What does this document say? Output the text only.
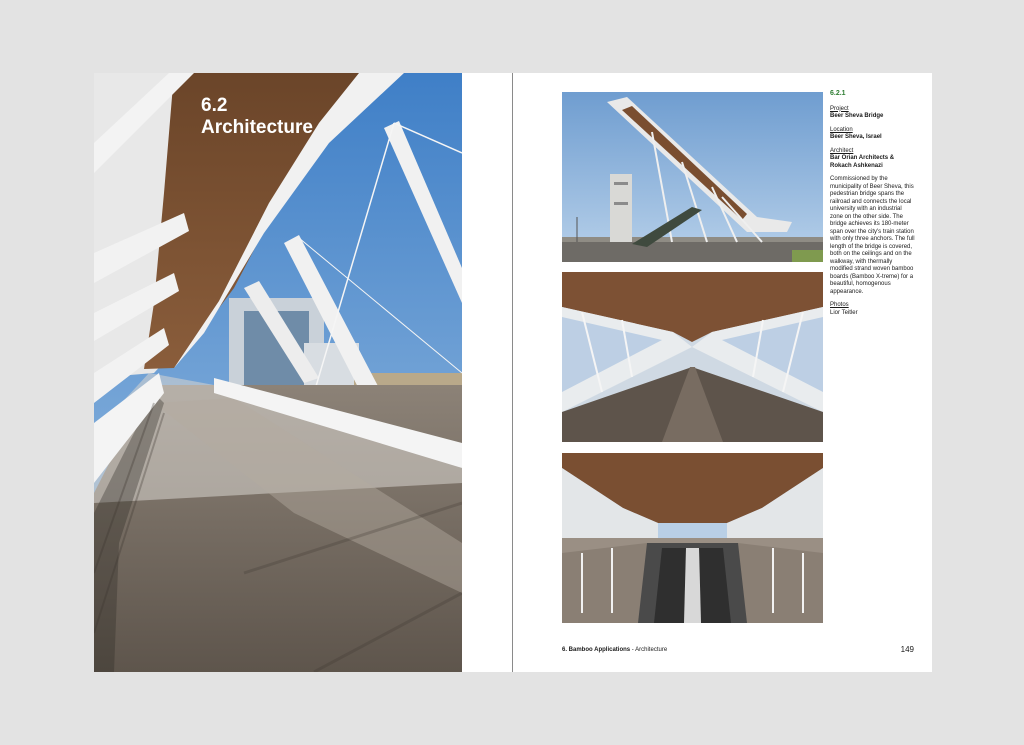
6.2
Architecture
6.2.1
Project
Beer Sheva Bridge
Location
Beer Sheva, Israel
Architect
Bar Orian Architects & Rokach Ashkenazi
Commissioned by the municipality of Beer Sheva, this pedestrian bridge spans the railroad and connects the local university with an industrial zone on the other side. The bridge achieves its 180-meter span over the city's train station with only three anchors. The full length of the bridge is covered, both on the ceilings and on the walkway, with thermally modified strand woven bamboo boards (Bamboo X-treme) for a beautiful, homogenous appearance.
Photos
Lior Teitler
6. Bamboo Applications - Architecture	149
